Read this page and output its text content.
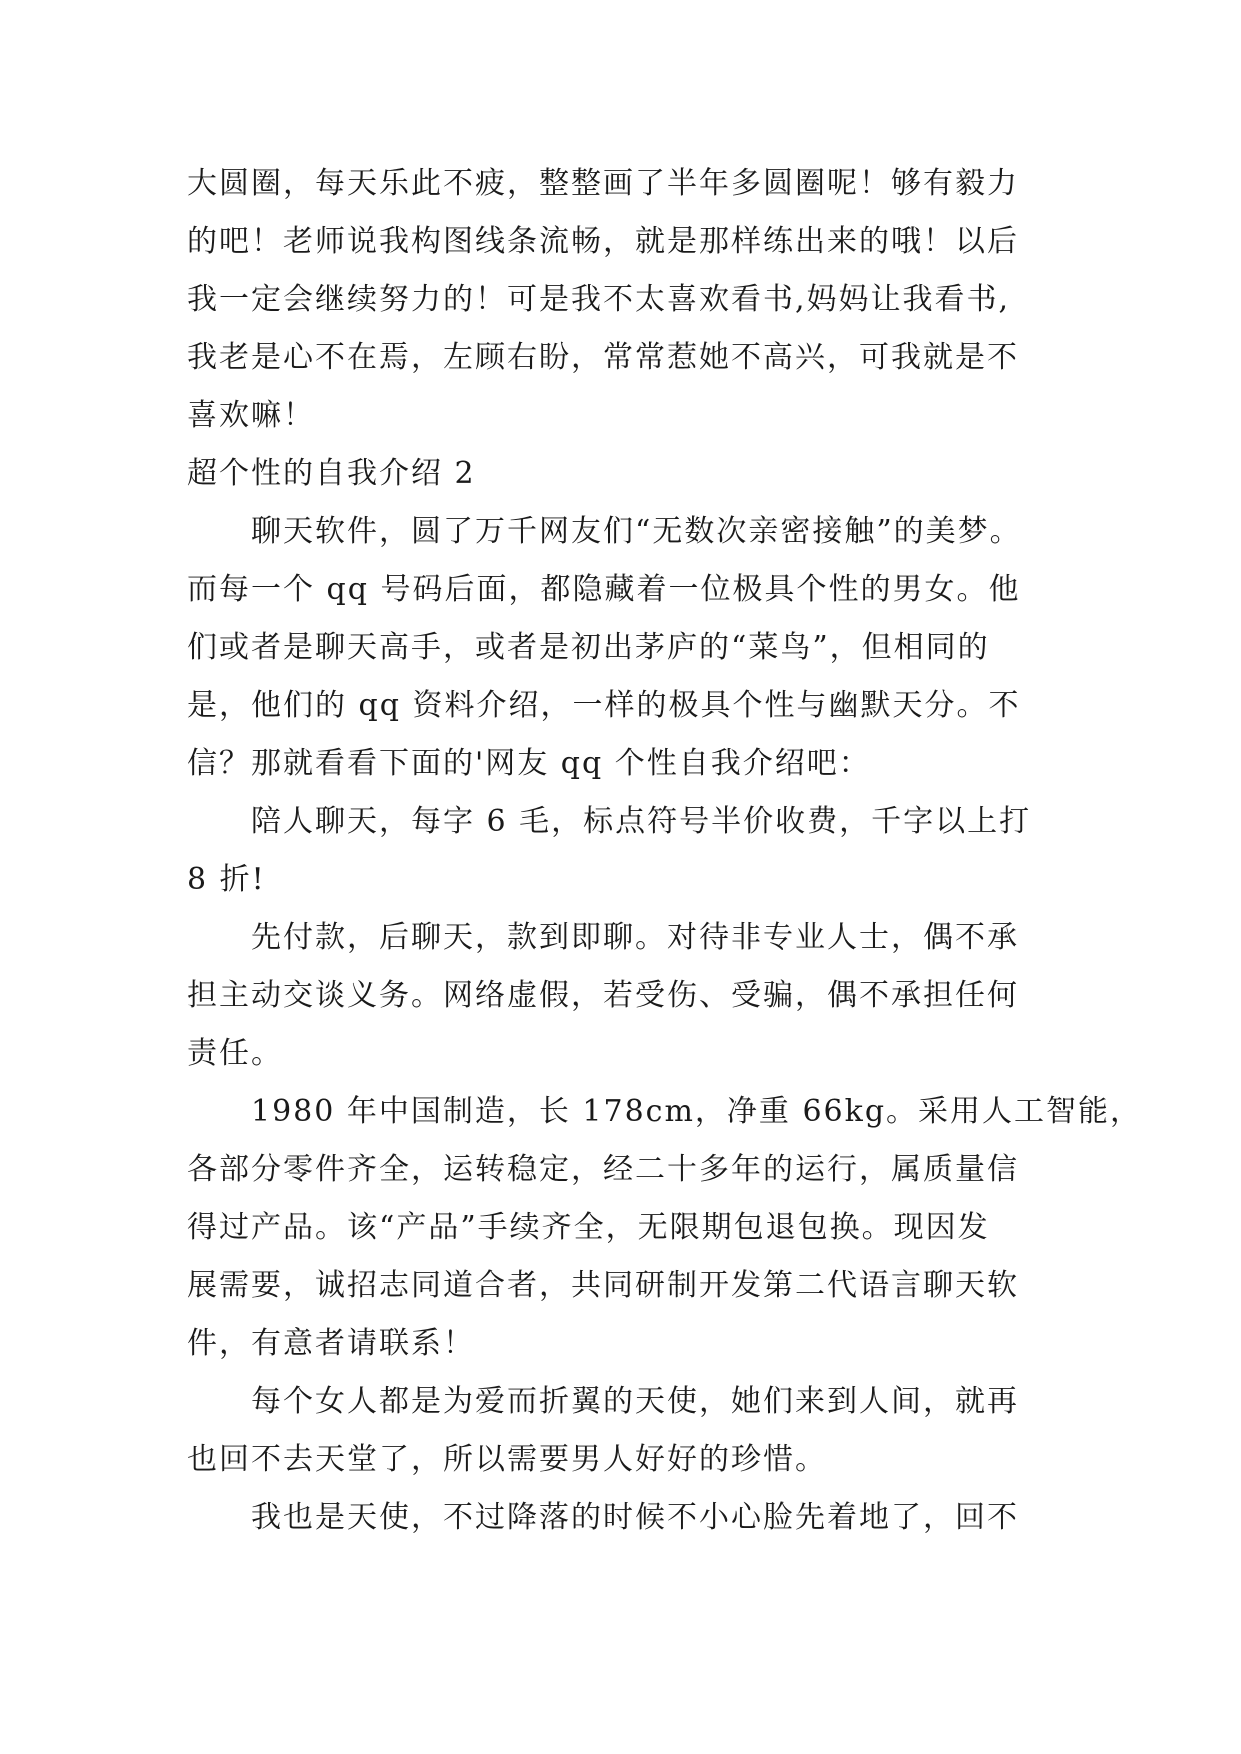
大圆圈，每天乐此不疲，整整画了半年多圆圈呢！够有毅力
的吧！老师说我构图线条流畅，就是那样练出来的哦！以后
我一定会继续努力的！可是我不太喜欢看书,妈妈让我看书,
我老是心不在焉，左顾右盼，常常惹她不高兴，可我就是不
喜欢嘛！
超个性的自我介绍 2
聊天软件，圆了万千网友们“无数次亲密接触”的美梦。
而每一个 qq 号码后面，都隐藏着一位极具个性的男女。他
们或者是聊天高手，或者是初出茅庐的“菜鸟”，但相同的
是，他们的 qq 资料介绍，一样的极具个性与幽默天分。不
信？那就看看下面的'网友 qq 个性自我介绍吧：
陪人聊天，每字 6 毛，标点符号半价收费，千字以上打
8 折!
先付款，后聊天，款到即聊。对待非专业人士，偶不承
担主动交谈义务。网络虚假，若受伤、受骗，偶不承担任何
责任。
1980 年中国制造，长 178cm，净重 66kg。采用人工智能，
各部分零件齐全，运转稳定，经二十多年的运行，属质量信
得过产品。该“产品”手续齐全，无限期包退包换。现因发
展需要，诚招志同道合者，共同研制开发第二代语言聊天软
件，有意者请联系！
每个女人都是为爱而折翼的天使，她们来到人间，就再
也回不去天堂了，所以需要男人好好的珍惜。
我也是天使，不过降落的时候不小心脸先着地了，回不
